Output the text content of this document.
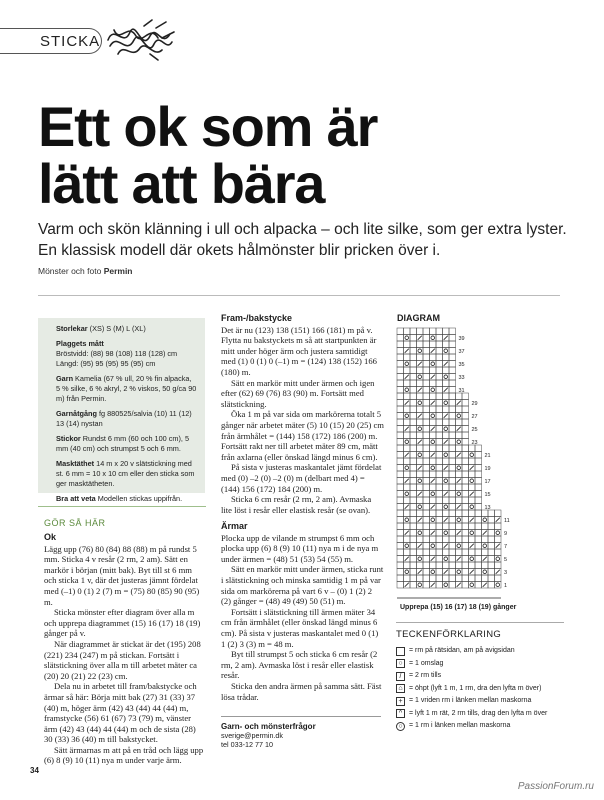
STICKA
Ett ok som är
lätt att bära
Varm och skön klänning i ull och alpacka – och lite silke, som ger extra lyster.
En klassisk modell där okets hålmönster blir pricken över i.
Mönster och foto Permin

Storlekar (XS) S (M) L (XL)

Plaggets mått
Bröstvidd: (88) 98 (108) 118 (128) cm
Längd: (95) 95 (95) 95 (95) cm

Garn Kamelia (67 % ull, 20 % fin alpacka, 5 % silke, 6 % akryl, 2 % viskos, 50 g/ca 90 m) från Permin.

Garnåtgång fg 880525/salvia (10) 11 (12) 13 (14) nystan

Stickor Rundst 6 mm (60 och 100 cm), 5 mm (40 cm) och strumpst 5 och 6 mm.

Masktäthet 14 m x 20 v slätstickning med st. 6 mm = 10 x 10 cm eller den sticka som ger masktätheten.

Bra att veta Modellen stickas uppifrån.

GÖR SÅ HÄR
Ok

Lägg upp (76) 80 (84) 88 (88) m på rundst 5 mm. Sticka 4 v resår (2 rm, 2 am). Sätt en markör i början (mitt bak). Byt till st 6 mm och sticka 1 v, där det justeras jämnt fördelat med (–1) 0 (1) 2 (7) m = (75) 80 (85) 90 (95) m.

Sticka mönster efter diagram över alla m och upprepa diagrammet (15) 16 (17) 18 (19) gånger på v.

När diagrammet är stickat är det (195) 208 (221) 234 (247) m på stickan. Fortsätt i slätstickning över alla m till arbetet mäter ca (20) 20 (21) 22 (23) cm.

Dela nu in arbetet till fram/bakstycke och ärmar så här: Börja mitt bak (27) 31 (33) 37 (40) m, höger ärm (42) 43 (44) 44 (44) m, framstycke (56) 61 (67) 73 (79) m, vänster ärm (42) 43 (44) 44 (44) m och de sista (28) 30 (33) 36 (40) m till bakstycket.

Sätt ärmarnas m att på en tråd och lägg upp (6) 8 (9) 10 (11) nya m under varje ärm.

Fram-/bakstycke

Det är nu (123) 138 (151) 166 (181) m på v. Flytta nu bakstyckets m så att startpunkten är mitt under höger ärm och justera samtidigt med (1) 0 (1) 0 (–1) m = (124) 138 (152) 166 (180) m.

Sätt en markör mitt under ärmen och igen efter (62) 69 (76) 83 (90) m. Fortsätt med slätstickning.

Öka 1 m på var sida om markörerna totalt 5 gånger när arbetet mäter (5) 10 (15) 20 (25) cm från ärmhålet = (144) 158 (172) 186 (200) m. Fortsätt rakt ner till arbetet mäter 89 cm, mätt från axlarna (eller önskad längd minus 6 cm).

På sista v justeras maskantalet jämt fördelat med (0) –2 (0) –2 (0) m (delbart med 4) = (144) 156 (172) 184 (200) m.

Sticka 6 cm resår (2 rm, 2 am). Avmaska lite löst i resår eller elastisk resår (se ovan).

Ärmar

Plocka upp de vilande m strumpst 6 mm och plocka upp (6) 8 (9) 10 (11) nya m i de nya m under ärmen = (48) 51 (53) 54 (55) m.

Sätt en markör mitt under ärmen, sticka runt i slätstickning och minska samtidig 1 m på var sida om markörerna på vart 6 v – (0) 1 (2) 2 (2) gånger = (48) 49 (49) 50 (51) m.

Fortsätt i slätstickning till ärmen mäter 34 cm från ärmhålet (eller önskad längd minus 6 cm). På sista v justeras maskantalet med 0 (1) 1 (2) 3 (3) m = 48 m.

Byt till strumpst 5 och sticka 6 cm resår (2 rm, 2 am). Avmaska löst i resår eller elastisk resår.

Sticka den andra ärmen på samma sätt. Fäst lösa trådar.

Garn- och mönsterfrågor
sverige@permin.dk
tel 033-12 77 10
DIAGRAM
39
37
35
33
31
29
27
25
23
21
19
17
15
13
11
9
7
5
3
1
Upprepa (15) 16 (17) 18 (19) gånger
TECKENFÖRKLARING
= rm på rätsidan, am på avigsidan
○ = 1 omslag
/	= 2 rm tills
⌂ = öhpt (lyft 1 m, 1 rm, dra den lyfta m över)
+ = 1 vriden rm i länken mellan maskorna
^ = lyft 1 m rät, 2 rm tills, drag den lyfta m över
○ = 1 rm i länken mellan maskorna
34
PassionForum.ru
